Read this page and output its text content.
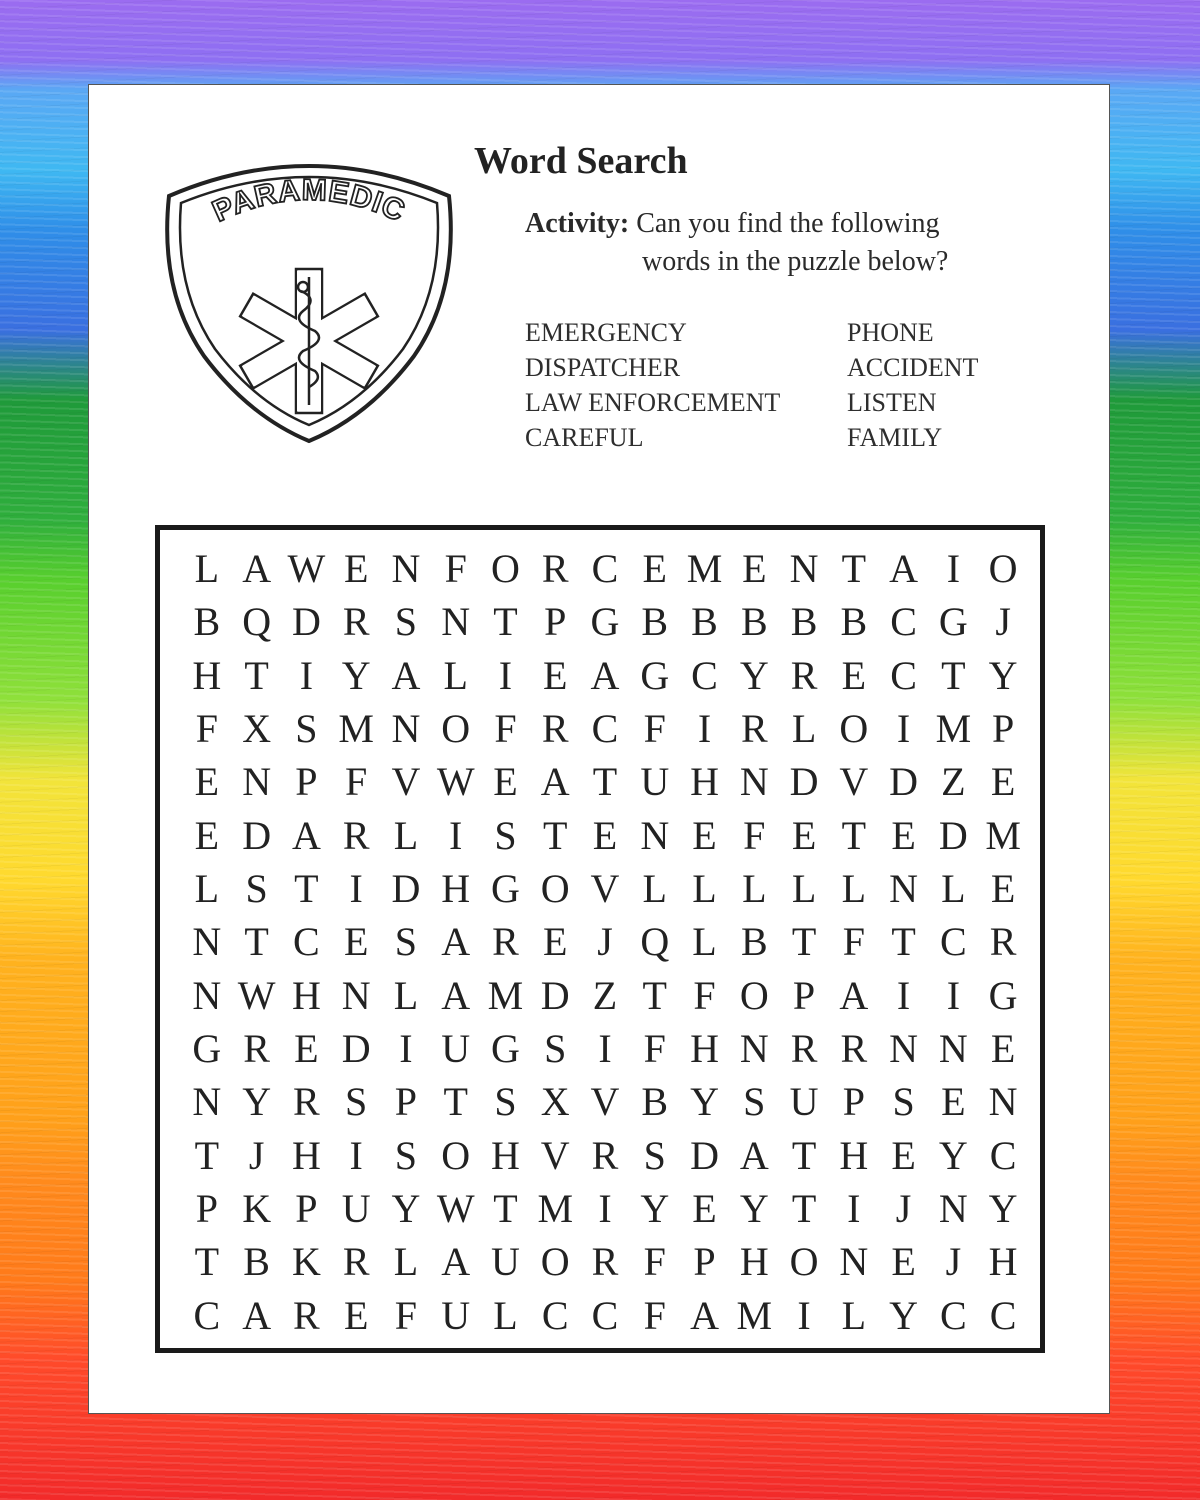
PARAMEDIC
Word Search
Activity: Can you find the following
words in the puzzle below?
EMERGENCY	PHONE
DISPATCHER	ACCIDENT
LAW ENFORCEMENT	LISTEN
CAREFUL	FAMILY
L A W E N F O R C E M E N T A I O
B Q D R S N T P G B B B B B C G J
H T I Y A L I E A G C Y R E C T Y
F X S M N O F R C F I R L O I M P
E N P F V W E A T U H N D V D Z E
E D A R L I S T E N E F E T E D M
L S T I D H G O V L L L L L N L E
N T C E S A R E J Q L B T F T C R
N W H N L A M D Z T F O P A I I G
G R E D I U G S I F H N R R N N E
N Y R S P T S X V B Y S U P S E N
T J H I S O H V R S D A T H E Y C
P K P U Y W T M I Y E Y T I J N Y
T B K R L A U O R F P H O N E J H
C A R E F U L C C F A M I L Y C C
